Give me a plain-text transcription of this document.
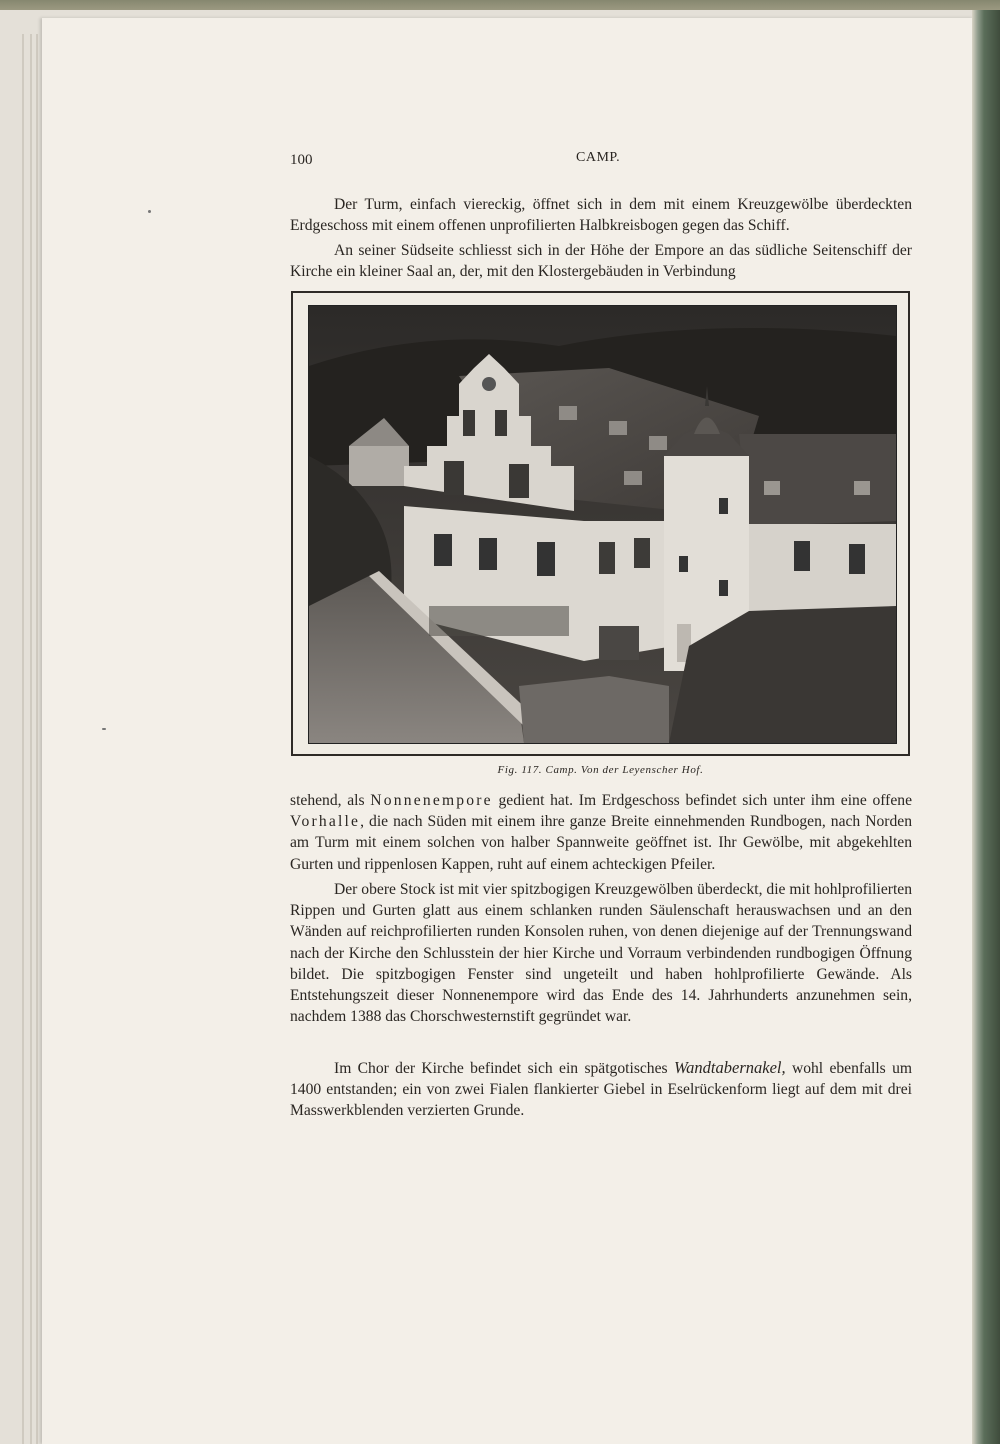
100	CAMP.

Der Turm, einfach viereckig, öffnet sich in dem mit einem Kreuzgewölbe überdeckten Erdgeschoss mit einem offenen unprofilierten Halbkreisbogen gegen das Schiff.

An seiner Südseite schliesst sich in der Höhe der Empore an das südliche Seitenschiff der Kirche ein kleiner Saal an, der, mit den Klostergebäuden in Verbindung

Fig. 117. Camp. Von der Leyenscher Hof.

stehend, als Nonnenempore gedient hat. Im Erdgeschoss befindet sich unter ihm eine offene Vorhalle, die nach Süden mit einem ihre ganze Breite einnehmenden Rundbogen, nach Norden am Turm mit einem solchen von halber Spannweite geöffnet ist. Ihr Gewölbe, mit abgekehlten Gurten und rippenlosen Kappen, ruht auf einem achteckigen Pfeiler.

Der obere Stock ist mit vier spitzbogigen Kreuzgewölben überdeckt, die mit hohlprofilierten Rippen und Gurten glatt aus einem schlanken runden Säulenschaft herauswachsen und an den Wänden auf reichprofilierten runden Konsolen ruhen, von denen diejenige auf der Trennungswand nach der Kirche den Schlusstein der hier Kirche und Vorraum verbindenden rundbogigen Öffnung bildet. Die spitzbogigen Fenster sind ungeteilt und haben hohlprofilierte Gewände. Als Entstehungszeit dieser Nonnenempore wird das Ende des 14. Jahrhunderts anzunehmen sein, nachdem 1388 das Chorschwesternstift gegründet war.

Im Chor der Kirche befindet sich ein spätgotisches Wandtabernakel, wohl ebenfalls um 1400 entstanden; ein von zwei Fialen flankierter Giebel in Eselrückenform liegt auf dem mit drei Masswerkblenden verzierten Grunde.
